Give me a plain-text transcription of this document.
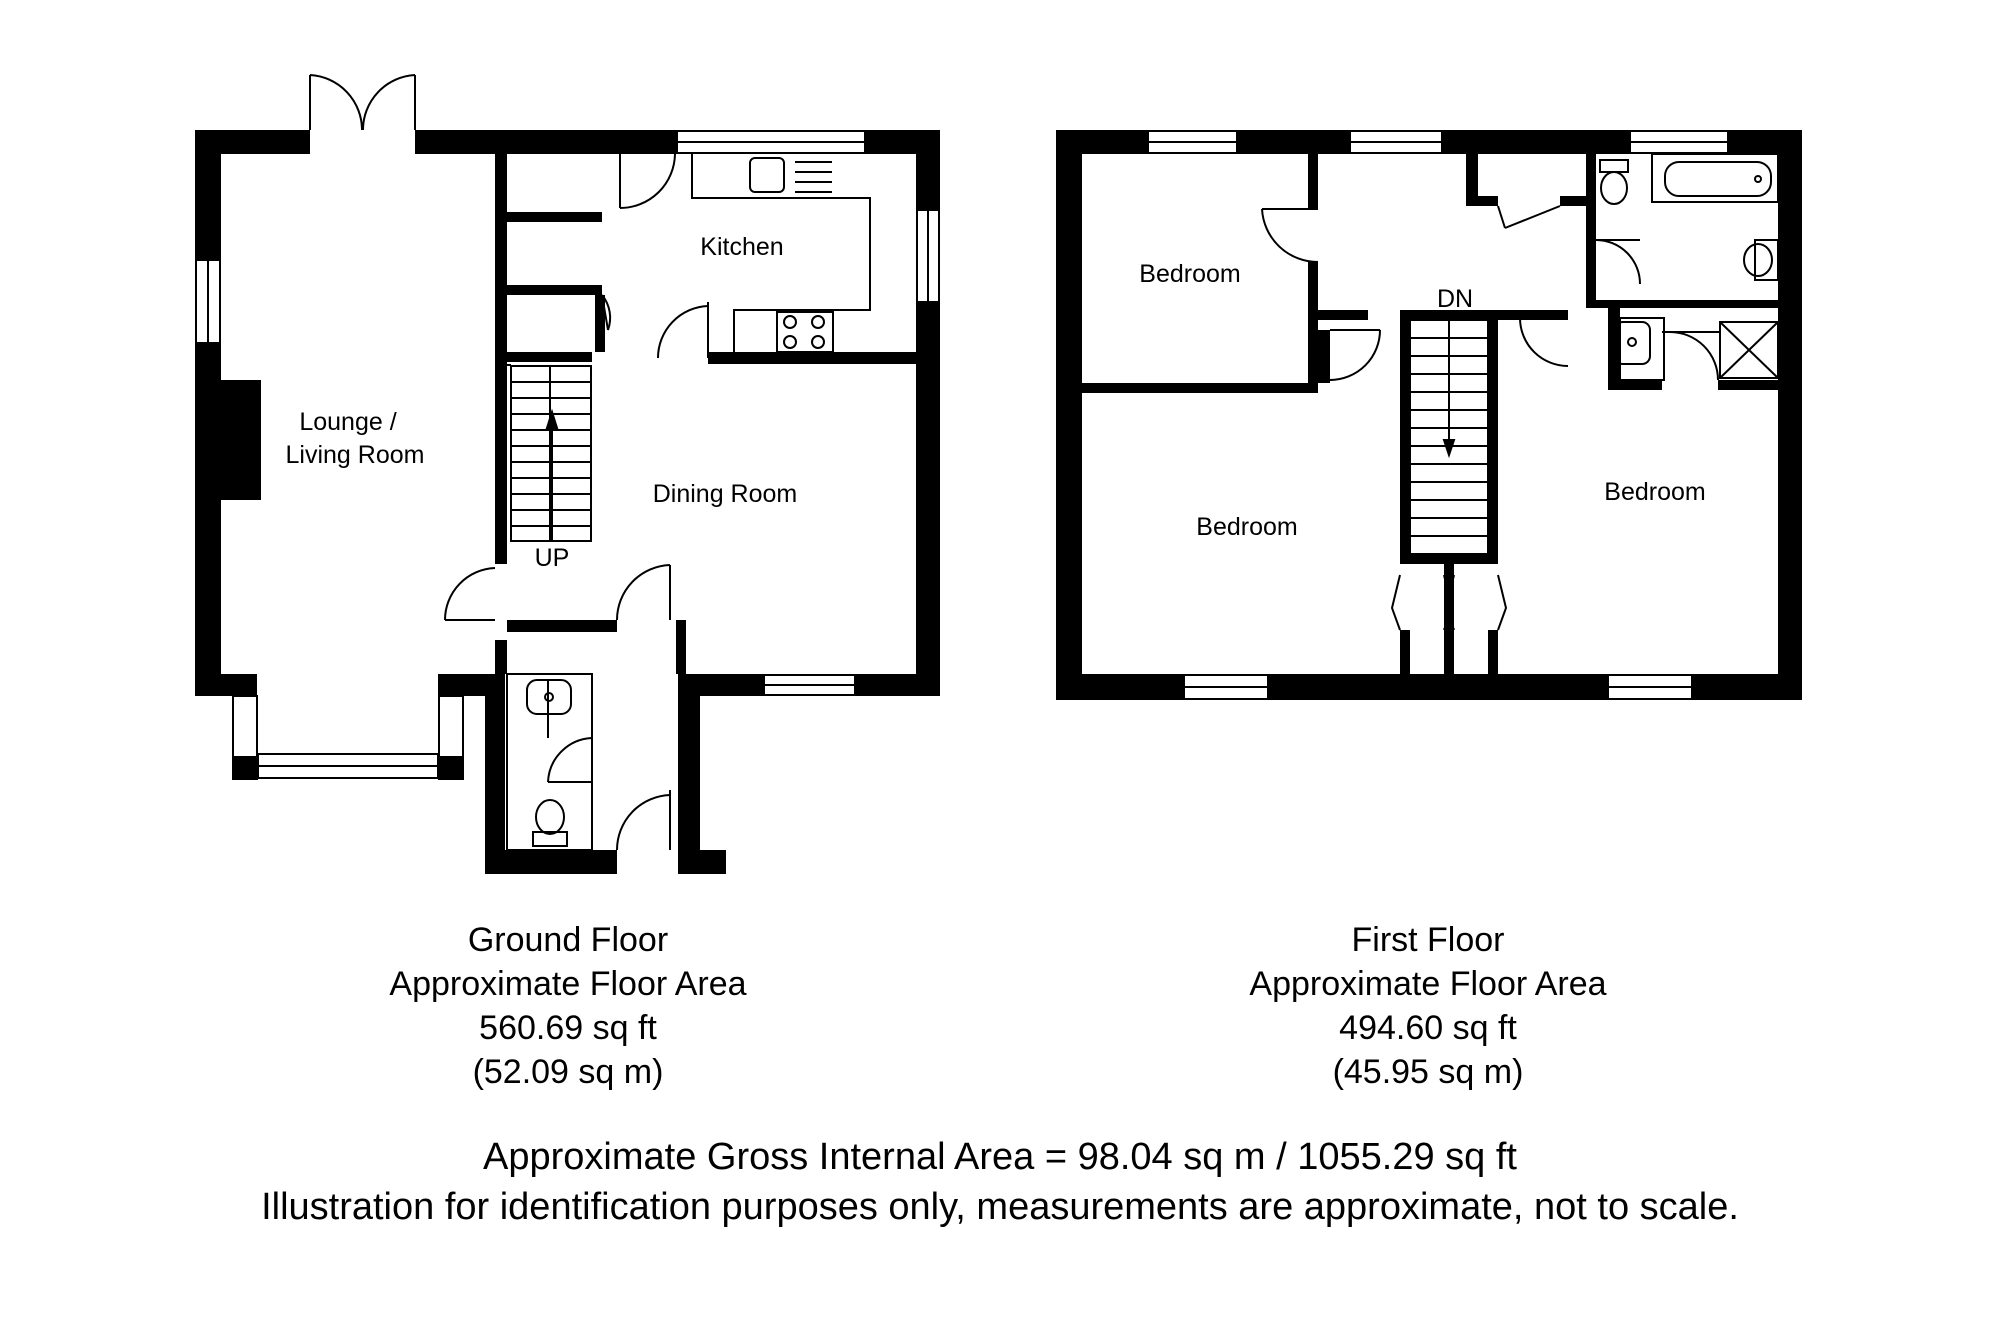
Lounge /
Living Room
Kitchen
Dining Room
UP
Bedroom
Bedroom
Bedroom
DN
Ground Floor
Approximate Floor Area
560.69 sq ft
(52.09 sq m)
First Floor
Approximate Floor Area
494.60 sq ft
(45.95 sq m)
Approximate Gross Internal Area = 98.04 sq m / 1055.29 sq ft
Illustration for identification purposes only, measurements are approximate, not to scale.
